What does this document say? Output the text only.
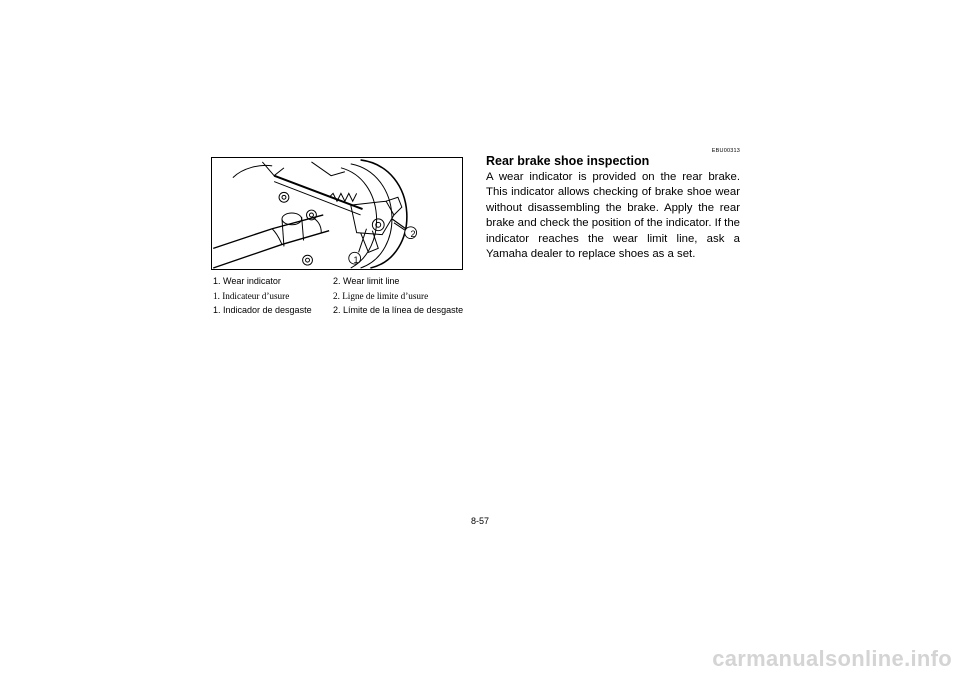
1
2
1. Wear indicator	2. Wear limit line
1. Indicateur d’usure	2. Ligne de limite d’usure
1. Indicador de desgaste 2. Límite de la línea de desgaste
EBU00313
Rear brake shoe inspection

A wear indicator is provided on the rear brake. This indicator allows checking of brake shoe wear without disassembling the brake. Apply the rear brake and check the position of the indicator. If the indicator reaches the wear limit line, ask a Yamaha dealer to replace shoes as a set.

8-57
carmanualsonline.info
